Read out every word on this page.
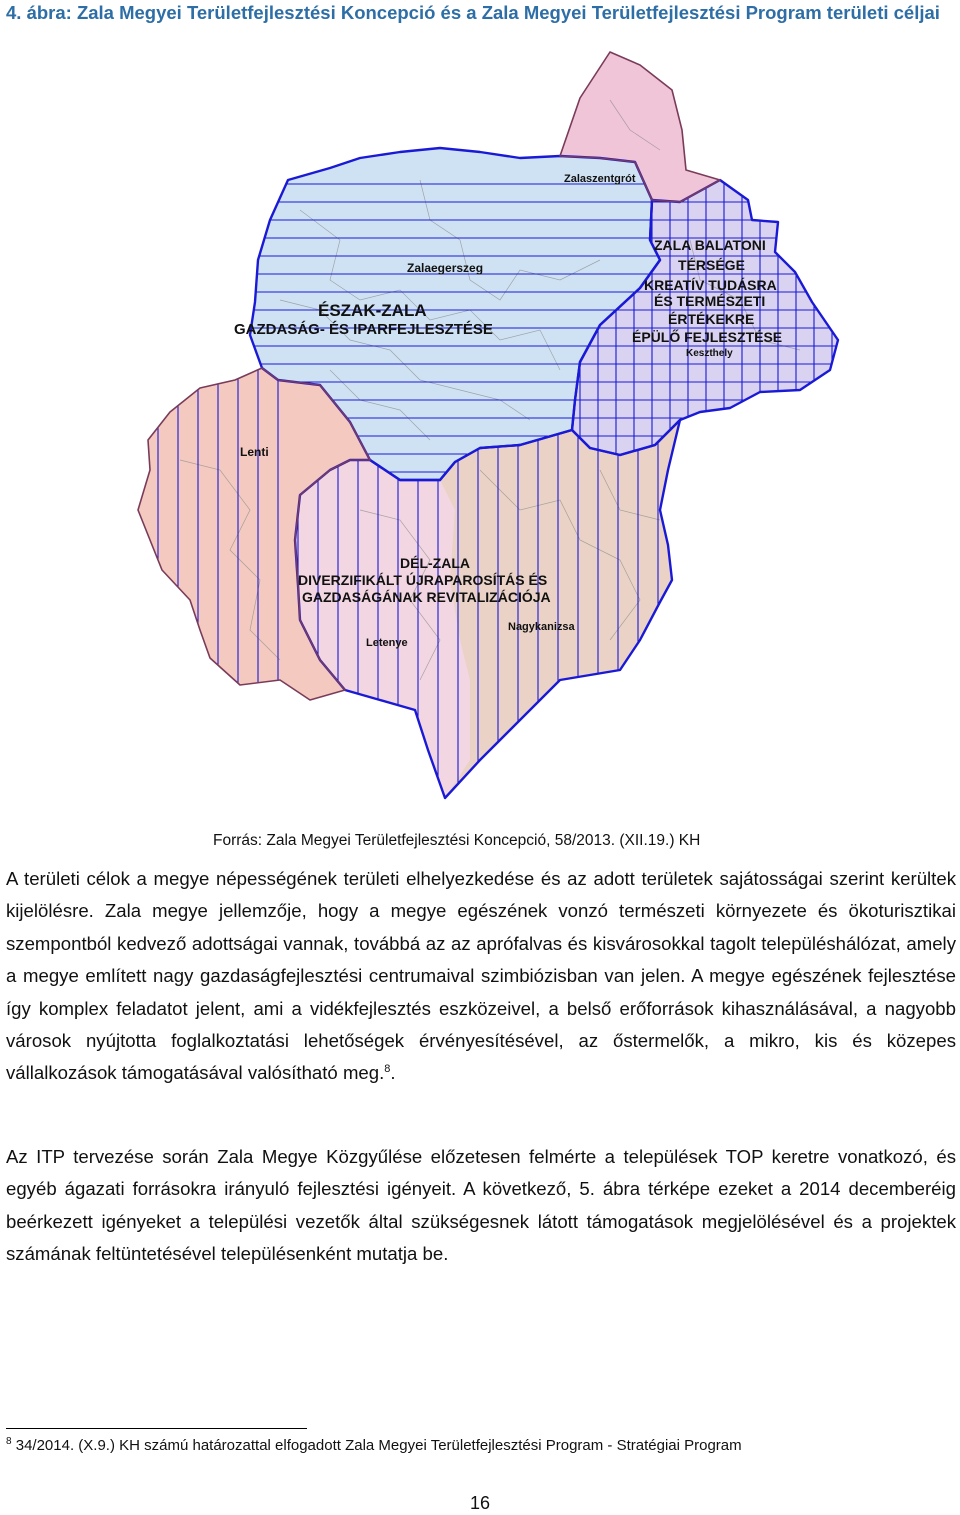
4. ábra: Zala Megyei Területfejlesztési Koncepció és a Zala Megyei Területfejlesztési Program területi céljai
Zalaszentgrót
Zalaegerszeg
Keszthely
Lenti
Letenye
Nagykanizsa
ÉSZAK-ZALA
GAZDASÁG- ÉS IPARFEJLESZTÉSE
ZALA BALATONI
TÉRSÉGE
KREATÍV TUDÁSRA
ÉS TERMÉSZETI
ÉRTÉKEKRE
ÉPÜLŐ FEJLESZTÉSE
DÉL-ZALA
DIVERZIFIKÁLT ÚJRAPAROSÍTÁS ÉS
GAZDASÁGÁNAK REVITALIZÁCIÓJA
Forrás: Zala Megyei Területfejlesztési Koncepció, 58/2013. (XII.19.) KH

A területi célok a megye népességének területi elhelyezkedése és az adott területek sajátosságai szerint kerültek kijelölésre. Zala megye jellemzője, hogy a megye egészének vonzó természeti környezete és ökoturisztikai szempontból kedvező adottságai vannak, továbbá az az aprófalvas és kisvárosokkal tagolt településhálózat, amely a megye említett nagy gazdaságfejlesztési centrumaival szimbiózisban van jelen. A megye egészének fejlesztése így komplex feladatot jelent, ami a vidékfejlesztés eszközeivel, a belső erőforrások kihasználásával, a nagyobb városok nyújtotta foglalkoztatási lehetőségek érvényesítésével, az őstermelők, a mikro, kis és közepes vállalkozások támogatásával valósítható meg.$^8$.

Az ITP tervezése során Zala Megye Közgyűlése előzetesen felmérte a települések TOP keretre vonatkozó, és egyéb ágazati forrásokra irányuló fejlesztési igényeit. A következő, 5. ábra térképe ezeket a 2014 decemberéig beérkezett igényeket a települési vezetők által szükségesnek látott támogatások megjelölésével és a projektek számának feltüntetésével településenként mutatja be.

$^8$ 34/2014. (X.9.) KH számú határozattal elfogadott Zala Megyei Területfejlesztési Program - Stratégiai Program
16
